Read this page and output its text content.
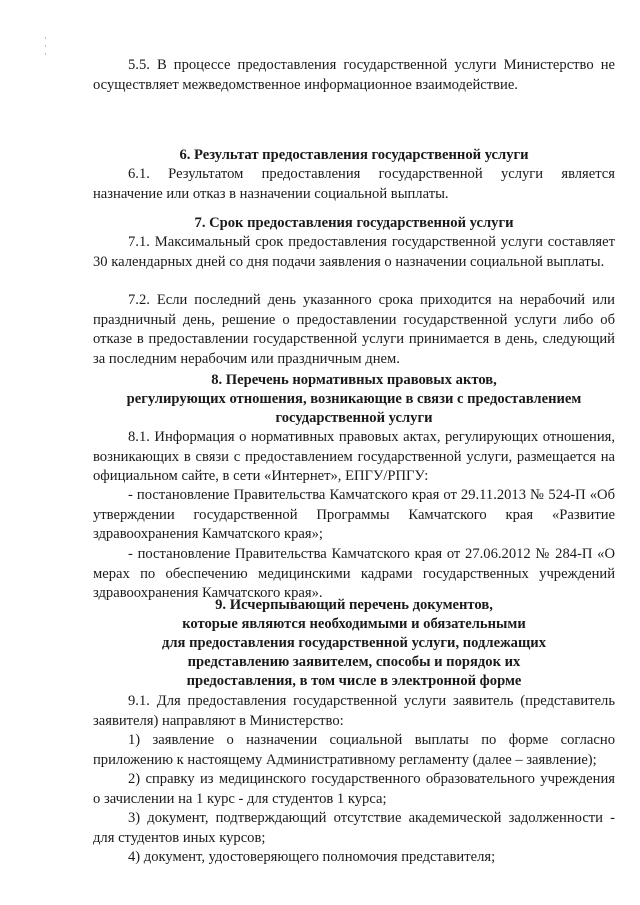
·
·
·
5.5. В процессе предоставления государственной услуги Министерство не осуществляет межведомственное информационное взаимодействие.
6. Результат предоставления государственной услуги
6.1. Результатом предоставления государственной услуги является назначение или отказ в назначении социальной выплаты.
7. Срок предоставления государственной услуги
7.1. Максимальный срок предоставления государственной услуги составляет 30 календарных дней со дня подачи заявления о назначении социальной выплаты.
7.2. Если последний день указанного срока приходится на нерабочий или праздничный день, решение о предоставлении государственной услуги либо об отказе в предоставлении государственной услуги принимается в день, следующий за последним нерабочим или праздничным днем.
8. Перечень нормативных правовых актов,
регулирующих отношения, возникающие в связи с предоставлением
государственной услуги
8.1. Информация о нормативных правовых актах, регулирующих отношения, возникающих в связи с предоставлением государственной услуги, размещается на официальном сайте, в сети «Интернет», ЕПГУ/РПГУ:
- постановление Правительства Камчатского края от 29.11.2013 № 524-П «Об утверждении государственной Программы Камчатского края «Развитие здравоохранения Камчатского края»;
- постановление Правительства Камчатского края от 27.06.2012 № 284-П «О мерах по обеспечению медицинскими кадрами государственных учреждений здравоохранения Камчатского края».
9. Исчерпывающий перечень документов,
которые являются необходимыми и обязательными
для предоставления государственной услуги, подлежащих
представлению заявителем, способы и порядок их
предоставления, в том числе в электронной форме
9.1. Для предоставления государственной услуги заявитель (представитель заявителя) направляют в Министерство:
1) заявление о назначении социальной выплаты по форме согласно приложению к настоящему Административному регламенту (далее – заявление);
2) справку из медицинского государственного образовательного учреждения о зачислении на 1 курс - для студентов 1 курса;
3) документ, подтверждающий отсутствие академической задолженности - для студентов иных курсов;
4) документ, удостоверяющего полномочия представителя;
